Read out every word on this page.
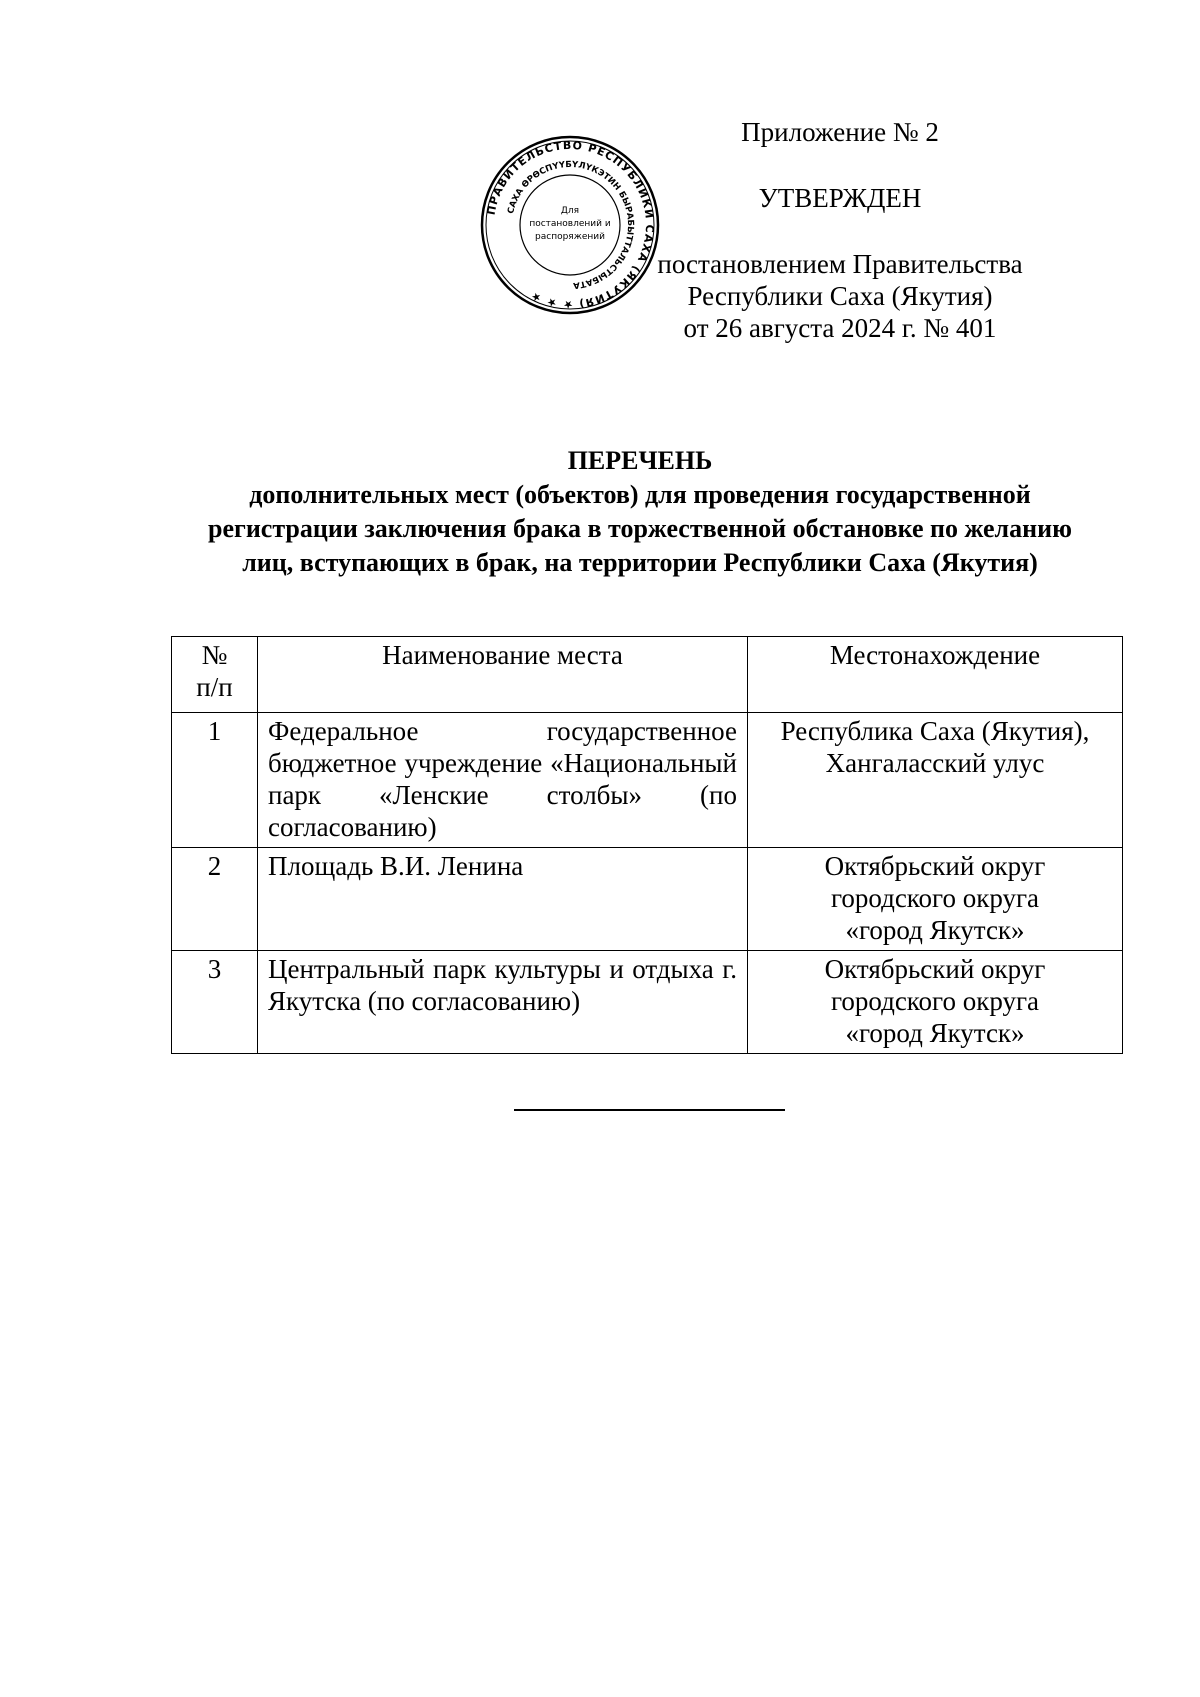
ПРАВИТЕЛЬСТВО РЕСПУБЛИКИ САХА (ЯКУТИЯ) ★ ★ ★
САХА ӨРӨСПҮҮБҮЛҮКЭТИН БЫРАБЫТТАЛЬСТЫБАТА
Для
постановлений и
распоряжений
Приложение № 2
УТВЕРЖДЕН
постановлением Правительства
Республики Саха (Якутия)
от 26 августа 2024 г. № 401
ПЕРЕЧЕНЬ
дополнительных мест (объектов) для проведения государственной
регистрации заключения брака в торжественной обстановке по желанию
лиц, вступающих в брак, на территории Республики Саха (Якутия)
№
п/п	Наименование места	Местонахождение
1	Федеральное государственное бюджетное учреждение «Национальный парк «Ленские столбы» (по согласованию)	Республика Саха (Якутия),
Хангаласский улус

2	Площадь В.И. Ленина	Октябрьский округ
городского округа
«город Якутск»

3	Центральный парк культуры и отдыха г. Якутска (по согласованию)	Октябрьский округ
городского округа
«город Якутск»
